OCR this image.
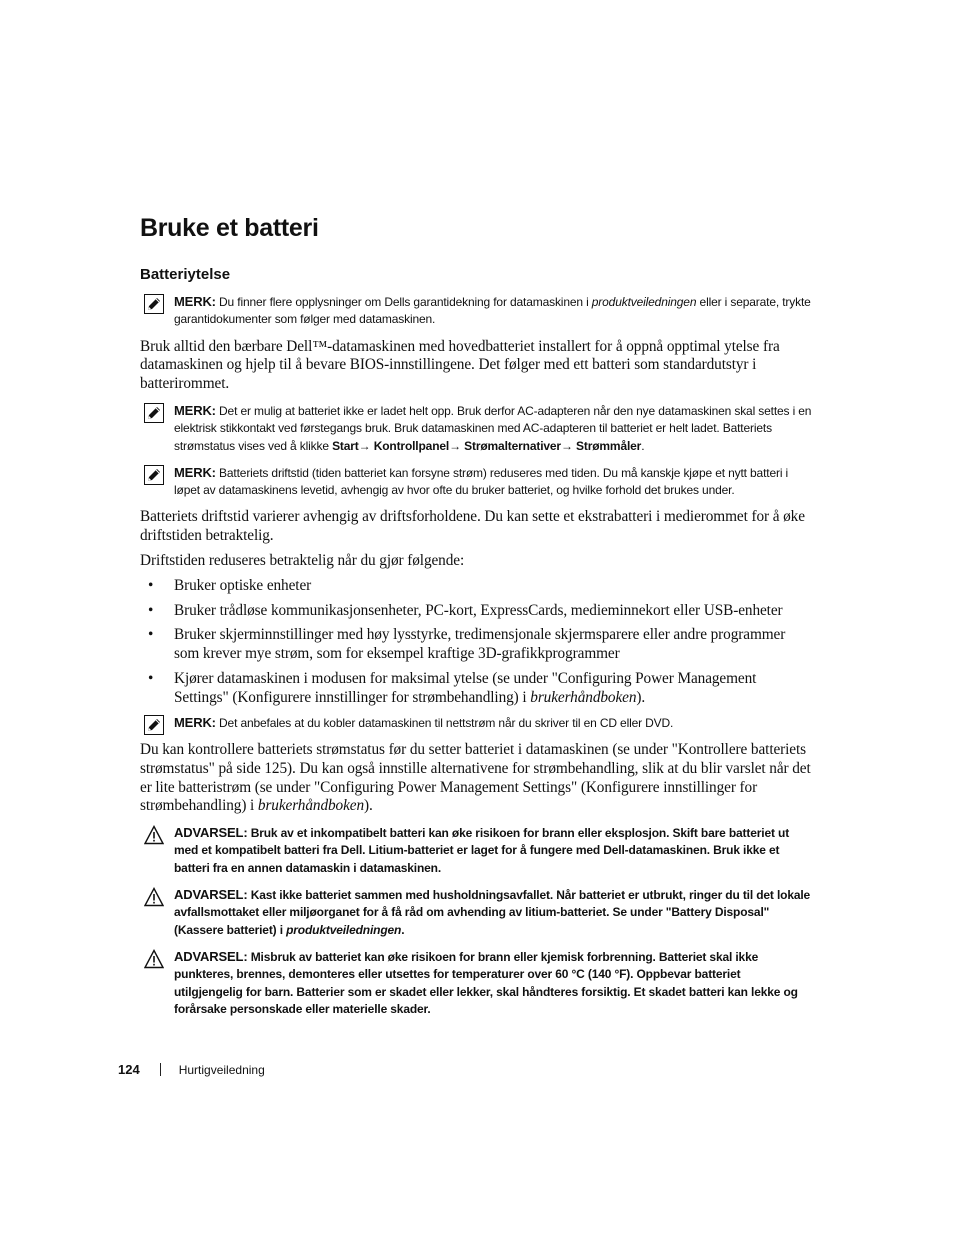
Bruke et batteri
Batteriytelse
MERK: Du finner flere opplysninger om Dells garantidekning for datamaskinen i produktveiledningen eller i separate, trykte garantidokumenter som følger med datamaskinen.

Bruk alltid den bærbare Dell™-datamaskinen med hovedbatteriet installert for å oppnå opptimal ytelse fra datamaskinen og hjelp til å bevare BIOS-innstillingene. Det følger med ett batteri som standardutstyr i batterirommet.

MERK: Det er mulig at batteriet ikke er ladet helt opp. Bruk derfor AC-adapteren når den nye datamaskinen skal settes i en elektrisk stikkontakt ved førstegangs bruk. Bruk datamaskinen med AC-adapteren til batteriet er helt ladet. Batteriets strømstatus vises ved å klikke Start→ Kontrollpanel→ Strømalternativer→ Strømmåler.
MERK: Batteriets driftstid (tiden batteriet kan forsyne strøm) reduseres med tiden. Du må kanskje kjøpe et nytt batteri i løpet av datamaskinens levetid, avhengig av hvor ofte du bruker batteriet, og hvilke forhold det brukes under.

Batteriets driftstid varierer avhengig av driftsforholdene. Du kan sette et ekstrabatteri i medierommet for å øke driftstiden betraktelig.

Driftstiden reduseres betraktelig når du gjør følgende:

• Bruker optiske enheter
• Bruker trådløse kommunikasjonsenheter, PC-kort, ExpressCards, medieminnekort eller USB-enheter
• Bruker skjerminnstillinger med høy lysstyrke, tredimensjonale skjermsparere eller andre programmer som krever mye strøm, som for eksempel kraftige 3D-grafikkprogrammer
• Kjører datamaskinen i modusen for maksimal ytelse (se under "Configuring Power Management Settings" (Konfigurere innstillinger for strømbehandling) i brukerhåndboken).
MERK: Det anbefales at du kobler datamaskinen til nettstrøm når du skriver til en CD eller DVD.

Du kan kontrollere batteriets strømstatus før du setter batteriet i datamaskinen (se under "Kontrollere batteriets strømstatus" på side 125). Du kan også innstille alternativene for strømbehandling, slik at du blir varslet når det er lite batteristrøm (se under "Configuring Power Management Settings" (Konfigurere innstillinger for strømbehandling) i brukerhåndboken).

ADVARSEL: Bruk av et inkompatibelt batteri kan øke risikoen for brann eller eksplosjon. Skift bare batteriet ut med et kompatibelt batteri fra Dell. Litium-batteriet er laget for å fungere med Dell-datamaskinen. Bruk ikke et batteri fra en annen datamaskin i datamaskinen.
ADVARSEL: Kast ikke batteriet sammen med husholdningsavfallet. Når batteriet er utbrukt, ringer du til det lokale avfallsmottaket eller miljøorganet for å få råd om avhending av litium-batteriet. Se under "Battery Disposal" (Kassere batteriet) i produktveiledningen.
ADVARSEL: Misbruk av batteriet kan øke risikoen for brann eller kjemisk forbrenning. Batteriet skal ikke punkteres, brennes, demonteres eller utsettes for temperaturer over 60 °C (140 °F). Oppbevar batteriet utilgjengelig for barn. Batterier som er skadet eller lekker, skal håndteres forsiktig. Et skadet batteri kan lekke og forårsake personskade eller materielle skader.
124	Hurtigveiledning
